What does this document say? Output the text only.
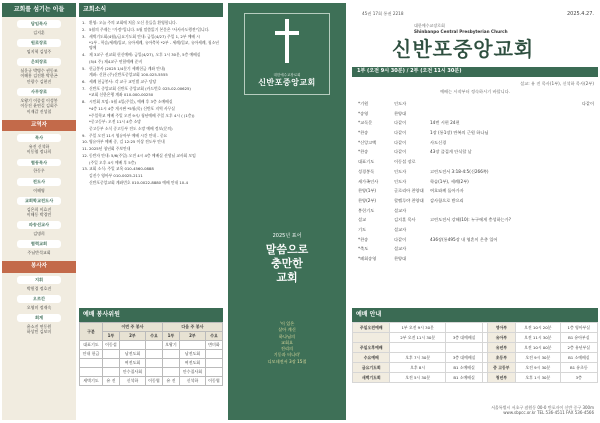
교회를 섬기는 이들
담임목사
김지훈
원로장로
임지혁 김성주
은퇴장로
심운규 박병수 권동조
이해홍 김진환 박한곤
안광수 김현진
사무장로
오왕기 이종섭 이성봉
이동진 윤연길 김회주
이재갑 진성철
교역자
목사
유진 신석하
이동엽 정나희
협동목사
한동우
전도사
이해영
교회학교전도사
김은희 이효진
이해동 박경민
파송선교사
김명희
협력교회
주님반석교회
봉사자
지휘
박원경 정호진
오르간
오영미 정재숙
회계
윤소진 연동원
하상민 김보미
교회소식
1. 환영: 오늘 주의 교회에 처음 오신 분들을 환영합니다.
2. 5월의 주제는 "가정"입니다. 5월 말씀읽기 본문은 "사사사도행전"입니다.
3. 새벽기도회(4월)/금요기도회 안내: 금일(4/27) 주일 1, 2부 예배 시
*1부 - 학습/세례/입교, 유아세례, 유아축복 *2부 - 세례/입교, 유아세례, 청소년 명예
4. 제 3교구 선교회 헌신예배: 금일(4/27), 오후 1시 30분, 5층 예배실
(5/4 주) 제4교구 연합예배 준비
5. 헌금봉사 (2025 1/4분기 세례헌금 계좌 안내)
계좌: 신한 (주)신반포중앙교회 100-025-5555
6. 세례 헌금봉사: 각 교구 교인별 교구 담당
7. 신반포 중앙교회 신반포 중앙교회 (카드번호 025-02-00625)
*교회 신한은행 계좌 010-000-00250
8. 시민회 모임: 5월 4일(주일), 예배 후 3층 소예배실
*4층 11시 4층 게시판 *5월(목) 신반포 지역 사무실
*주일학교 예배 주일 오전 9시/ 청년예배 주일 오후 4시 ( (1층))
*중고등부: 오전 11시 4층 소망
중고등부 소식 중고등부 전도 소망 예배 정보(문의)
9. 주일 오전 11시 영유아부 예배 시간 안내 - 중요
10. 영유아부 예배 중, 김 12:25 이상 전도부 안내
11. 2025년 청년회 주보안내
12. 동반자 안내: 5/6(주일) 오전 4시 4층 예배실 선생님 교사회 모임
(주일 오후 4시 예배 후 5층)
13. 교회 소식: 주일 교육 010-4560-0888
김진수 영아부 010-0025-2111
신반포중앙교회 계좌번호 010-0022-8880 예배 안내 10-4
예배 봉사위원
구분	이번 주 봉사			다음 주 봉사		
	1부	2부	수요	1부	2부	수요
대표기도	이동섭			오왕기		변미화
안내 헌금		남전도회			남전도회	
		여전도회			여전도회	
		안수집사회			안수집사회	
새벽기도	유 진	신석하	이동엽	유 진	신석하	이동엽
대한예수교장로회
신반포중앙교회
2025년 표어
말씀으로
충만한
교회
'이 있은
살아 계신
하나님의
교회요
진리의
기둥과 터니라'
디모데전서 3장 15절
45권 17회 통권 2218	2025.4.27.
대한예수교장로회
Shinbanpo Central Presbyterian Church
신반포중앙교회
1부 (오전 9시 30분) / 2부 (오전 11시 30분)
설교: 유 진 목사(1부), 신석하 목사(2부)
예배는 시작부터 정숙하시기 바랍니다.
*기원	인도자	다같이
*송영	찬양대
*교독문	다같이	14번 시편 24편
*찬송	다같이	1장 (통1장) 만복의 근원 하나님
*신앙고백	다같이	사도신경
*찬송	다같이	43장 즐겁게 안식할 날
대표기도	이동섭 장로
성경봉독	인도자	고린도전서 3:18-4:5(신266쪽)
새가족인사	인도자	학습(1부), 세례(2부)
찬양(1부)	글로리아 찬양대	여호와께 돌아가자
찬양(2부)	할렐루야 찬양대	감사함으로 받으리
봉헌기도	설교자
설교	김지훈 목사	고린도전서 강해(10): 누구에게 충성하는가?
기도	설교자
*찬송	다같이	436장(통495장 내 영혼이 은총 입어
*축도	설교자
*폐회송영	찬양대
예배 안내
주일오전예배	1부 오전 9시 30분			영아부	오전 10시 20분	1층 영아부실
	2부 오전 11시 30분	3층 대예배실		유아부	오전 11시 30분	B1 유아부실
주일오후예배				유년부	오전 10시 00분	2층 유년부실
수요예배	오후 7시 30분	3층 대예배실		초등부	오전 9시 30분	B1 소예배실
금요기도회	오후 8시	B1 소예배실		중 고등부	오전 9시 30분	B1 유초등
새벽기도회	오전 5시 30분	B1 소예배실		청년부	오후 1시 30분	3층
서울특별시 서초구 잠원동 00-0 반포자이 신반 중구 300m
www.sbpcc.or.kr TEL 536-4511 FAX 536-4566
